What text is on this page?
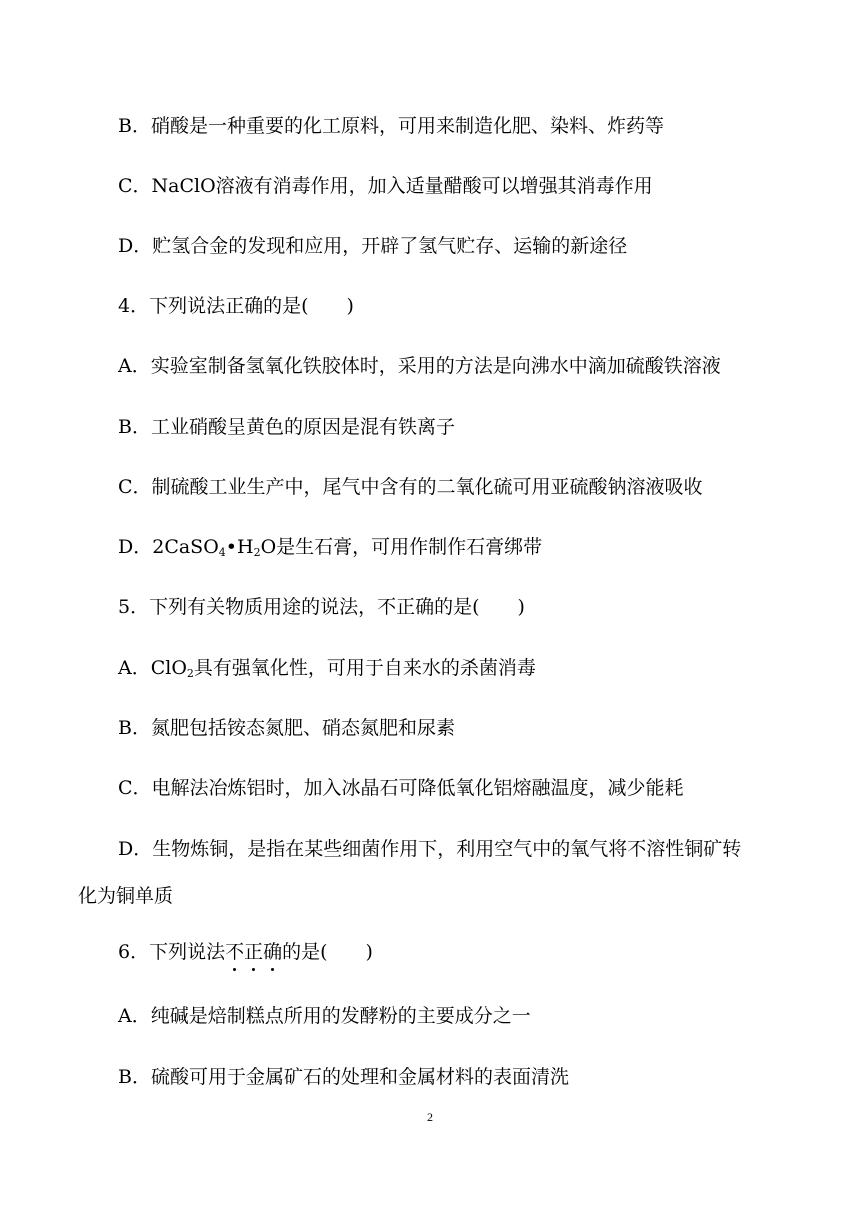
B．硝酸是一种重要的化工原料，可用来制造化肥、染料、炸药等
C．NaClO溶液有消毒作用，加入适量醋酸可以增强其消毒作用
D．贮氢合金的发现和应用，开辟了氢气贮存、运输的新途径
4．下列说法正确的是(　　)
A．实验室制备氢氧化铁胶体时，采用的方法是向沸水中滴加硫酸铁溶液
B．工业硝酸呈黄色的原因是混有铁离子
C．制硫酸工业生产中，尾气中含有的二氧化硫可用亚硫酸钠溶液吸收
D．$2CaSO_4•H_2O$是生石膏，可用作制作石膏绑带
5．下列有关物质用途的说法，不正确的是(　　)
A．ClO$_2$具有强氧化性，可用于自来水的杀菌消毒
B．氮肥包括铵态氮肥、硝态氮肥和尿素
C．电解法冶炼铝时，加入冰晶石可降低氧化铝熔融温度，减少能耗
D．生物炼铜，是指在某些细菌作用下，利用空气中的氧气将不溶性铜矿转
化为铜单质
6．下列说法不正确的是(　　)
A．纯碱是焙制糕点所用的发酵粉的主要成分之一
B．硫酸可用于金属矿石的处理和金属材料的表面清洗
2
